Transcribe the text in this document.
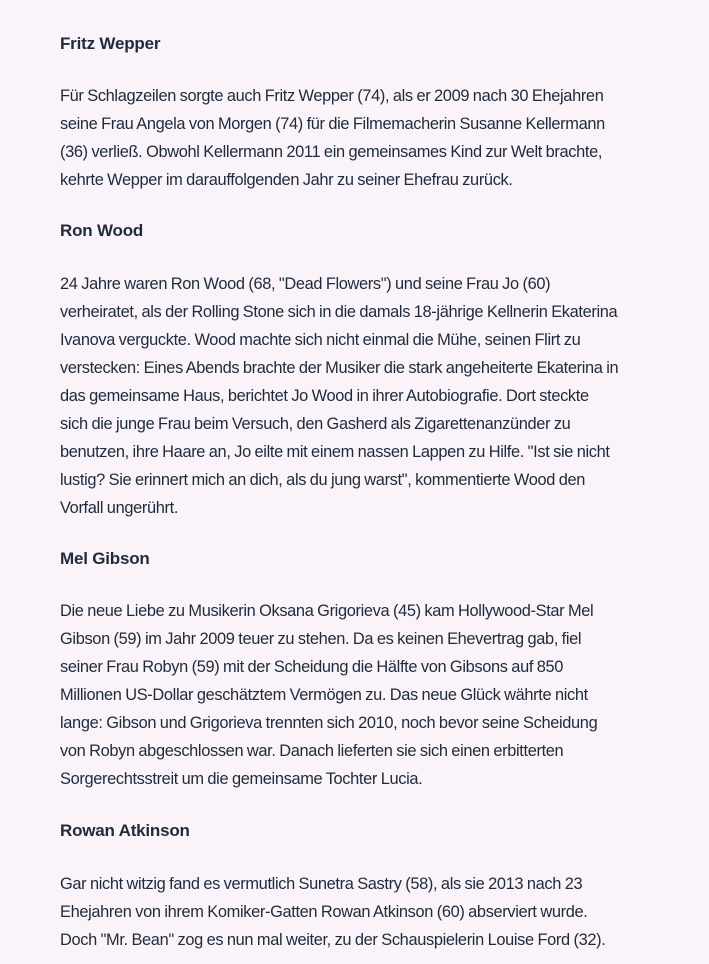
Fritz Wepper

Für Schlagzeilen sorgte auch Fritz Wepper (74), als er 2009 nach 30 Ehejahren
seine Frau Angela von Morgen (74) für die Filmemacherin Susanne Kellermann
(36) verließ. Obwohl Kellermann 2011 ein gemeinsames Kind zur Welt brachte,
kehrte Wepper im darauffolgenden Jahr zu seiner Ehefrau zurück.

Ron Wood

24 Jahre waren Ron Wood (68, "Dead Flowers") und seine Frau Jo (60)
verheiratet, als der Rolling Stone sich in die damals 18-jährige Kellnerin Ekaterina
Ivanova verguckte. Wood machte sich nicht einmal die Mühe, seinen Flirt zu
verstecken: Eines Abends brachte der Musiker die stark angeheiterte Ekaterina in
das gemeinsame Haus, berichtet Jo Wood in ihrer Autobiografie. Dort steckte
sich die junge Frau beim Versuch, den Gasherd als Zigarettenanzünder zu
benutzen, ihre Haare an, Jo eilte mit einem nassen Lappen zu Hilfe. "Ist sie nicht
lustig? Sie erinnert mich an dich, als du jung warst", kommentierte Wood den
Vorfall ungerührt.

Mel Gibson

Die neue Liebe zu Musikerin Oksana Grigorieva (45) kam Hollywood-Star Mel
Gibson (59) im Jahr 2009 teuer zu stehen. Da es keinen Ehevertrag gab, fiel
seiner Frau Robyn (59) mit der Scheidung die Hälfte von Gibsons auf 850
Millionen US-Dollar geschätztem Vermögen zu. Das neue Glück währte nicht
lange: Gibson und Grigorieva trennten sich 2010, noch bevor seine Scheidung
von Robyn abgeschlossen war. Danach lieferten sie sich einen erbitterten
Sorgerechtsstreit um die gemeinsame Tochter Lucia.

Rowan Atkinson

Gar nicht witzig fand es vermutlich Sunetra Sastry (58), als sie 2013 nach 23
Ehejahren von ihrem Komiker-Gatten Rowan Atkinson (60) abserviert wurde.
Doch "Mr. Bean" zog es nun mal weiter, zu der Schauspielerin Louise Ford (32).
